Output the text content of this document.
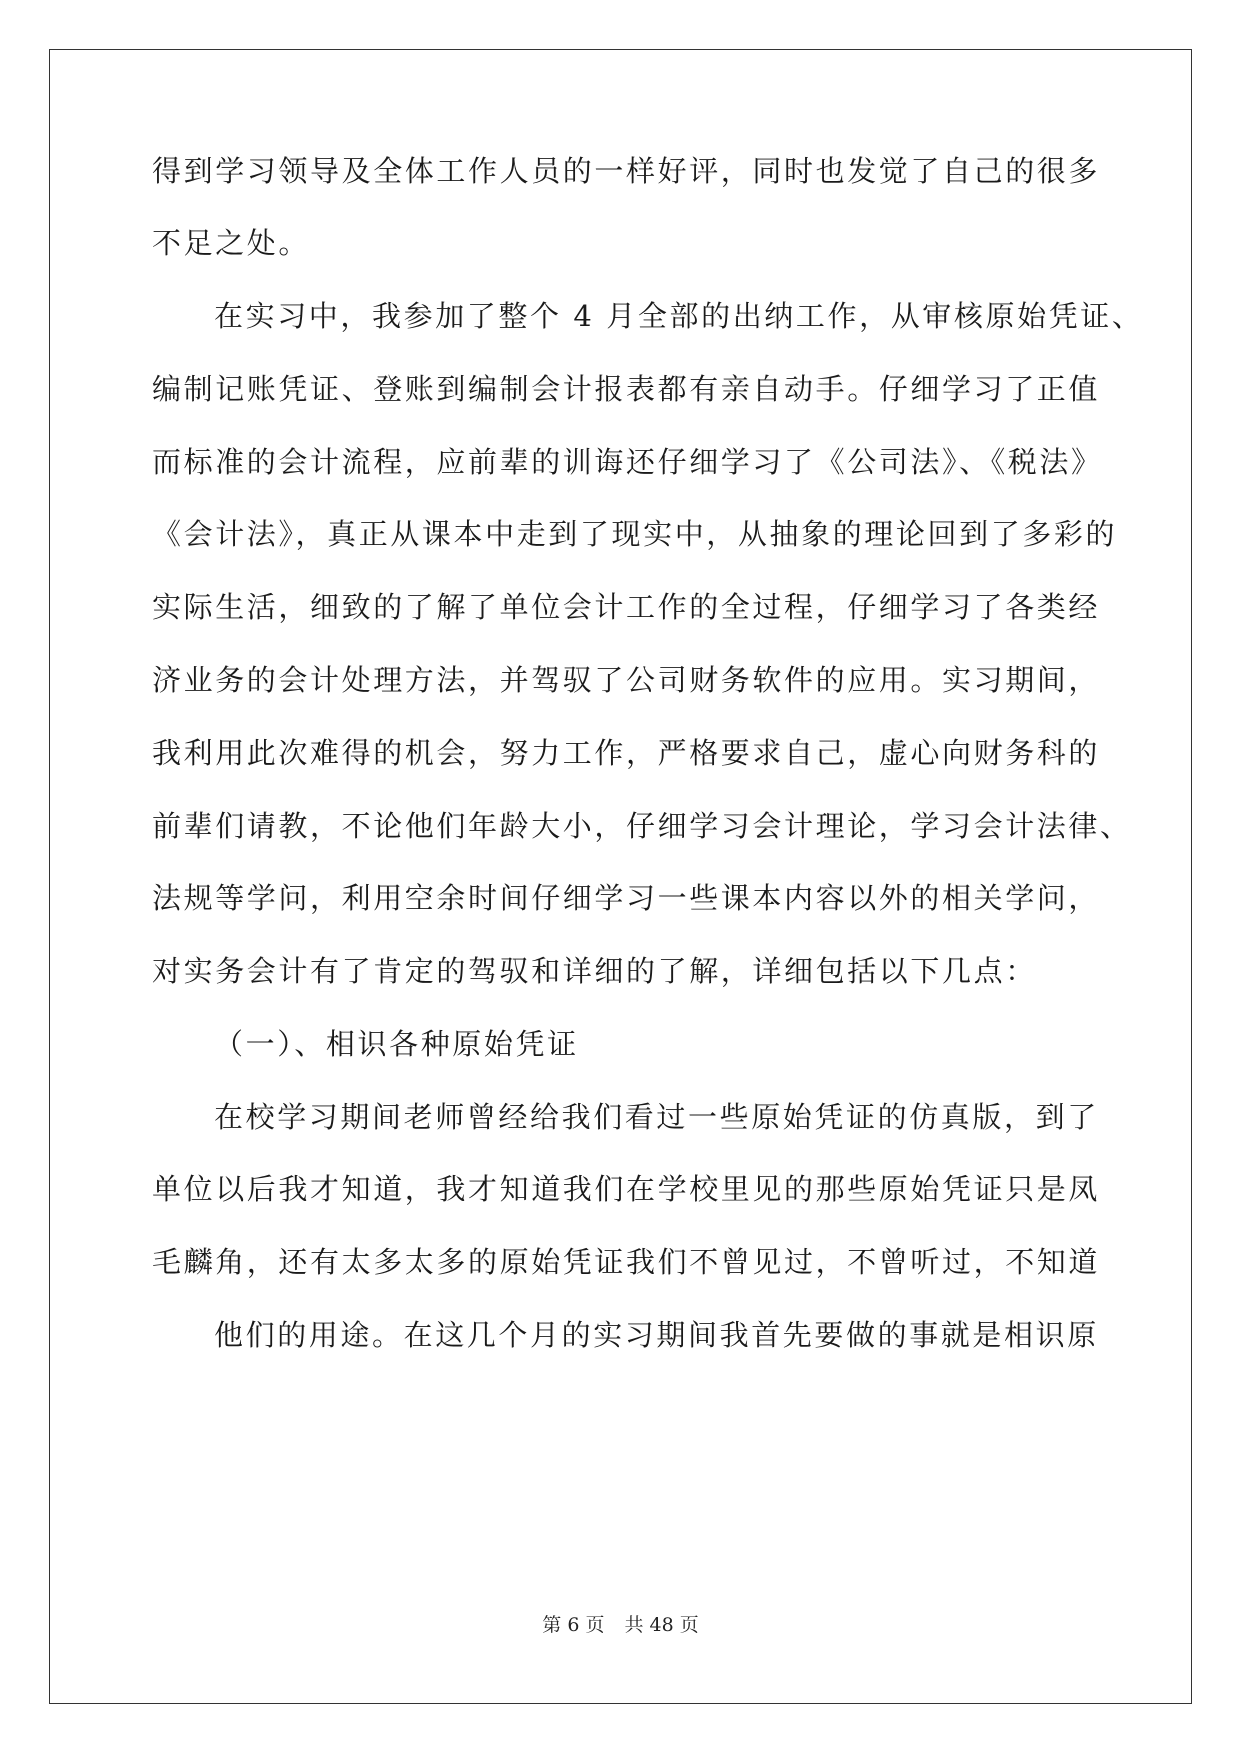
得到学习领导及全体工作人员的一样好评，同时也发觉了自己的很多
不足之处。
在实习中，我参加了整个 4 月全部的出纳工作，从审核原始凭证、
编制记账凭证、登账到编制会计报表都有亲自动手。仔细学习了正值
而标准的会计流程，应前辈的训诲还仔细学习了《公司法》、《税法》
《会计法》，真正从课本中走到了现实中，从抽象的理论回到了多彩的
实际生活，细致的了解了单位会计工作的全过程，仔细学习了各类经
济业务的会计处理方法，并驾驭了公司财务软件的应用。实习期间，
我利用此次难得的机会，努力工作，严格要求自己，虚心向财务科的
前辈们请教，不论他们年龄大小，仔细学习会计理论，学习会计法律、
法规等学问，利用空余时间仔细学习一些课本内容以外的相关学问，
对实务会计有了肯定的驾驭和详细的了解，详细包括以下几点：
（一）、相识各种原始凭证
在校学习期间老师曾经给我们看过一些原始凭证的仿真版，到了
单位以后我才知道，我才知道我们在学校里见的那些原始凭证只是凤
毛麟角，还有太多太多的原始凭证我们不曾见过，不曾听过，不知道
他们的用途。在这几个月的实习期间我首先要做的事就是相识原
第 6 页 共 48 页
